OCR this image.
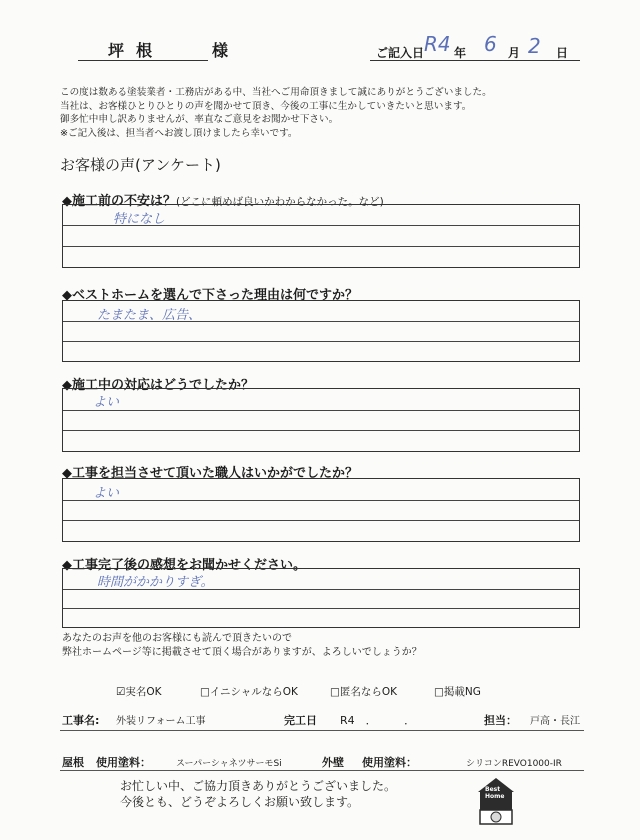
坪根	様	ご記入日 R4 年 6 月 2 日
この度は数ある塗装業者・工務店がある中、当社へご用命頂きまして誠にありがとうございました。
当社は、お客様ひとりひとりの声を聞かせて頂き、今後の工事に生かしていきたいと思います。
御多忙中申し訳ありませんが、率直なご意見をお聞かせ下さい。
※ご記入後は、担当者へお渡し頂けましたら幸いです。
お客様の声(アンケート)
◆施工前の不安は？(どこに頼めば良いかわからなかった。など)
特になし
◆ベストホームを選んで下さった理由は何ですか？
たまたま、広告、
◆施工中の対応はどうでしたか？
よい
◆工事を担当させて頂いた職人はいかがでしたか？
よい
◆工事完了後の感想をお聞かせください。
時間がかかりすぎ。
あなたのお声を他のお客様にも読んで頂きたいので
弊社ホームページ等に掲載させて頂く場合がありますが、よろしいでしょうか？
☑実名OK	□イニシャルならOK	□匿名ならOK	□掲載NG
工事名: 外装リフォーム工事	完工日 R4　．　　　．	担当： 戸高・長江
屋根 使用塗料：	スーパーシャネツサーモSi	外壁 使用塗料：	シリコンREVO1000-IR
お忙しい中、ご協力頂きありがとうございました。
今後とも、どうぞよろしくお願い致します。
Best
Home
